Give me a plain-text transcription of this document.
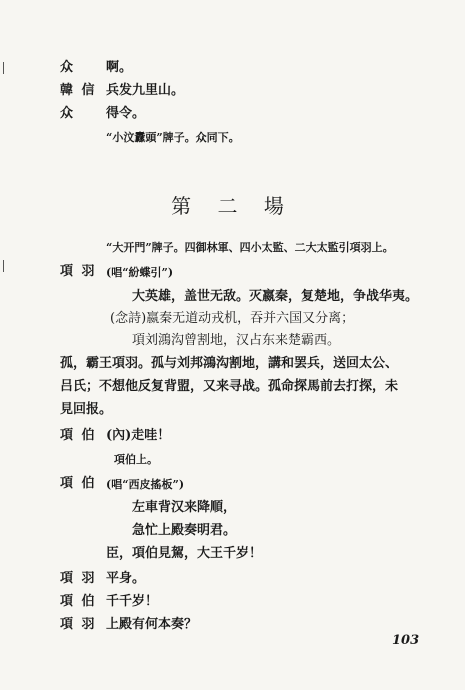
众	啊。
韓 信 兵发九里山。
众	得令。
“小汶纛頭”牌子。众同下。
第 二 場
“大开門”牌子。四御林軍、四小太監、二大太監引項羽上。
項 羽 (唱“紛蝶引”)
大英雄，盖世无敌。灭嬴秦，复楚地，争战华夷。
(念詩)嬴秦无道动戎机，吞并六国又分离；
項刘鴻沟曾割地，汉占东来楚霸西。
孤，霸王項羽。孤与刘邦鴻沟割地，講和罢兵，送回太公、
吕氏；不想他反复背盟，又来寻战。孤命探馬前去打探，未
見回报。
項 伯 (內)走哇！
項伯上。
項 伯 (唱“西皮搖板”)
左車背汉来降順，
急忙上殿奏明君。
臣，項伯見駕，大王千岁！
項 羽 平身。
項 伯 千千岁！
項 羽 上殿有何本奏？
103
